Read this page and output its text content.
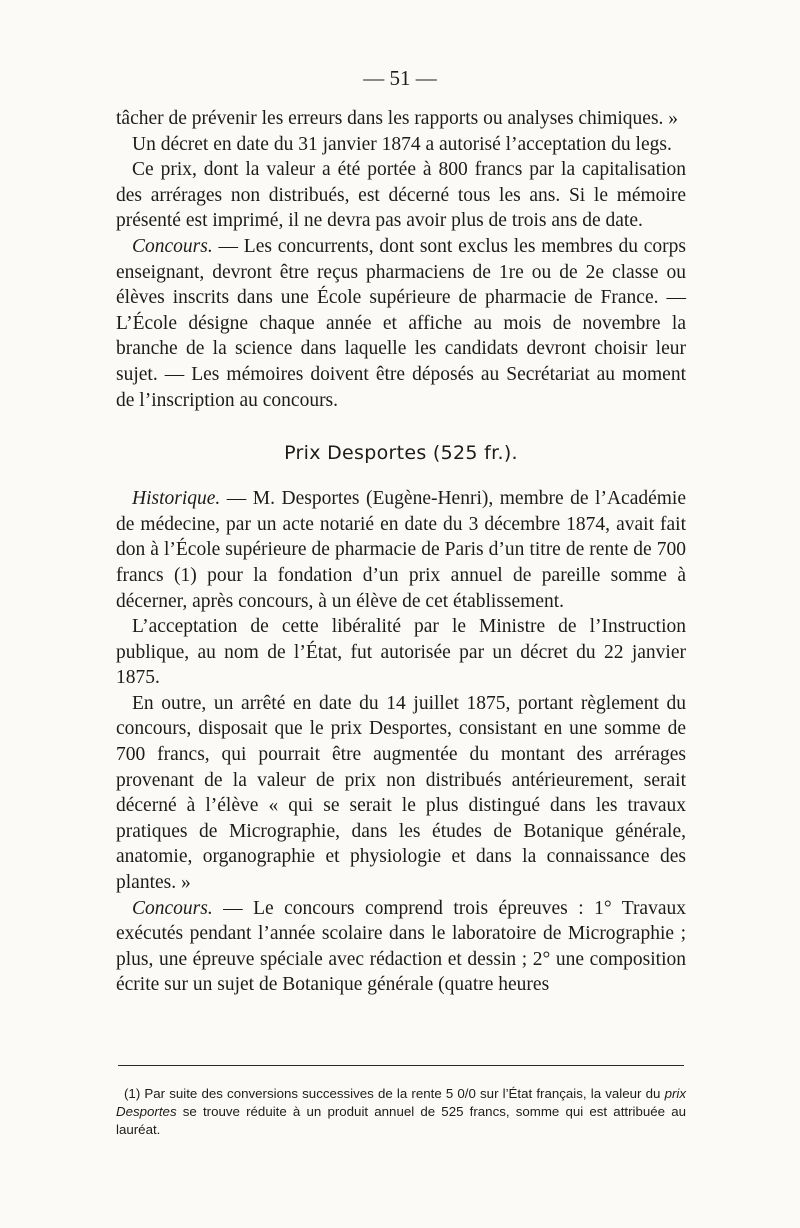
— 51 —

tâcher de prévenir les erreurs dans les rapports ou analyses chimiques. »

Un décret en date du 31 janvier 1874 a autorisé l’acceptation du legs.

Ce prix, dont la valeur a été portée à 800 francs par la capitalisation des arrérages non distribués, est décerné tous les ans. Si le mémoire présenté est imprimé, il ne devra pas avoir plus de trois ans de date.

Concours. — Les concurrents, dont sont exclus les membres du corps enseignant, devront être reçus pharmaciens de 1re ou de 2e classe ou élèves inscrits dans une École supérieure de pharmacie de France. — L’École désigne chaque année et affiche au mois de novembre la branche de la science dans laquelle les candidats devront choisir leur sujet. — Les mémoires doivent être déposés au Secrétariat au moment de l’inscription au concours.

Prix Desportes (525 fr.).

Historique. — M. Desportes (Eugène-Henri), membre de l’Académie de médecine, par un acte notarié en date du 3 décembre 1874, avait fait don à l’École supérieure de pharmacie de Paris d’un titre de rente de 700 francs (1) pour la fondation d’un prix annuel de pareille somme à décerner, après concours, à un élève de cet établissement.

L’acceptation de cette libéralité par le Ministre de l’Instruction publique, au nom de l’État, fut autorisée par un décret du 22 janvier 1875.

En outre, un arrêté en date du 14 juillet 1875, portant règlement du concours, disposait que le prix Desportes, consistant en une somme de 700 francs, qui pourrait être augmentée du montant des arrérages provenant de la valeur de prix non distribués antérieurement, serait décerné à l’élève « qui se serait le plus distingué dans les travaux pratiques de Micrographie, dans les études de Botanique générale, anatomie, organographie et physiologie et dans la connaissance des plantes. »

Concours. — Le concours comprend trois épreuves : 1° Travaux exécutés pendant l’année scolaire dans le laboratoire de Micrographie ; plus, une épreuve spéciale avec rédaction et dessin ; 2° une composition écrite sur un sujet de Botanique générale (quatre heures

(1) Par suite des conversions successives de la rente 5 0/0 sur l’État français, la valeur du prix Desportes se trouve réduite à un produit annuel de 525 francs, somme qui est attribuée au lauréat.
